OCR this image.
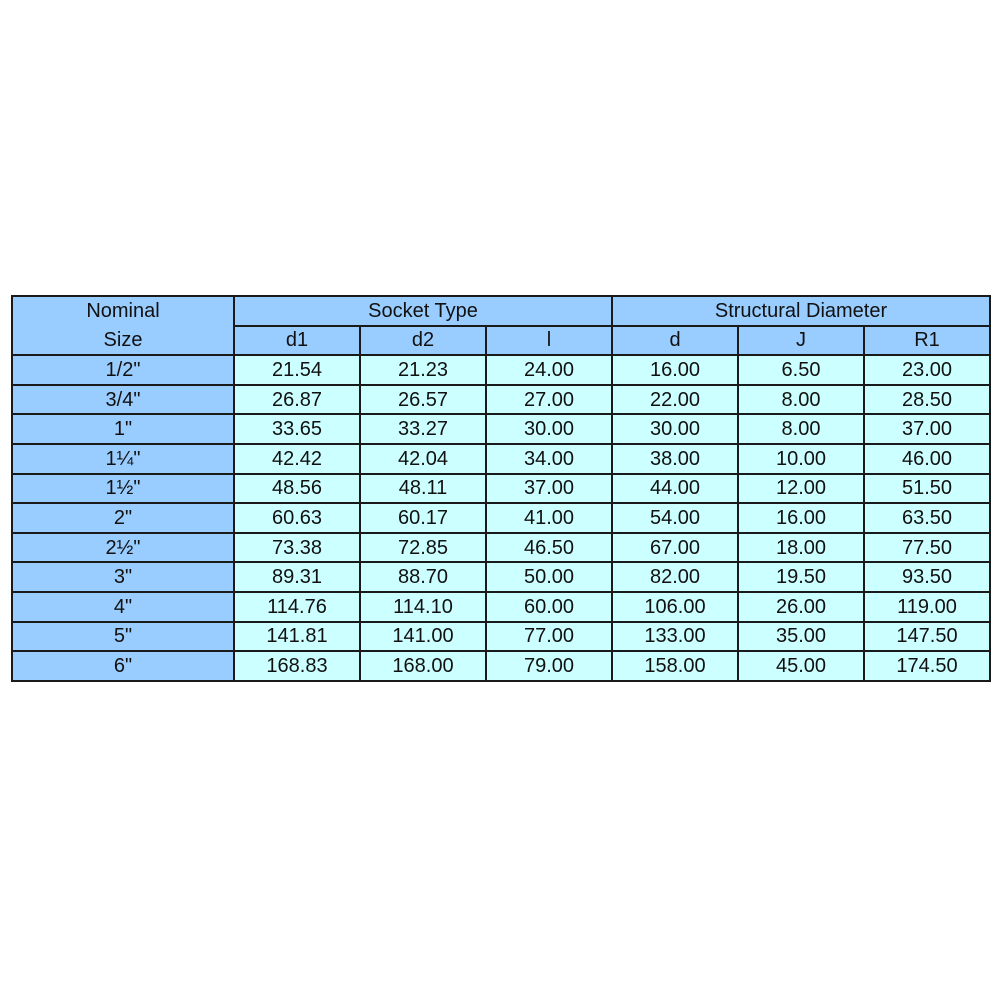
Nominal	Socket Type			Structural Diameter		
Size	d1	d2	l	d	J	R1
1/2"	21.54	21.23	24.00	16.00	6.50	23.00
3/4"	26.87	26.57	27.00	22.00	8.00	28.50
1"	33.65	33.27	30.00	30.00	8.00	37.00
1¼"	42.42	42.04	34.00	38.00	10.00	46.00
1½"	48.56	48.11	37.00	44.00	12.00	51.50
2"	60.63	60.17	41.00	54.00	16.00	63.50
2½"	73.38	72.85	46.50	67.00	18.00	77.50
3"	89.31	88.70	50.00	82.00	19.50	93.50
4"	114.76	114.10	60.00	106.00	26.00	119.00
5"	141.81	141.00	77.00	133.00	35.00	147.50
6"	168.83	168.00	79.00	158.00	45.00	174.50
